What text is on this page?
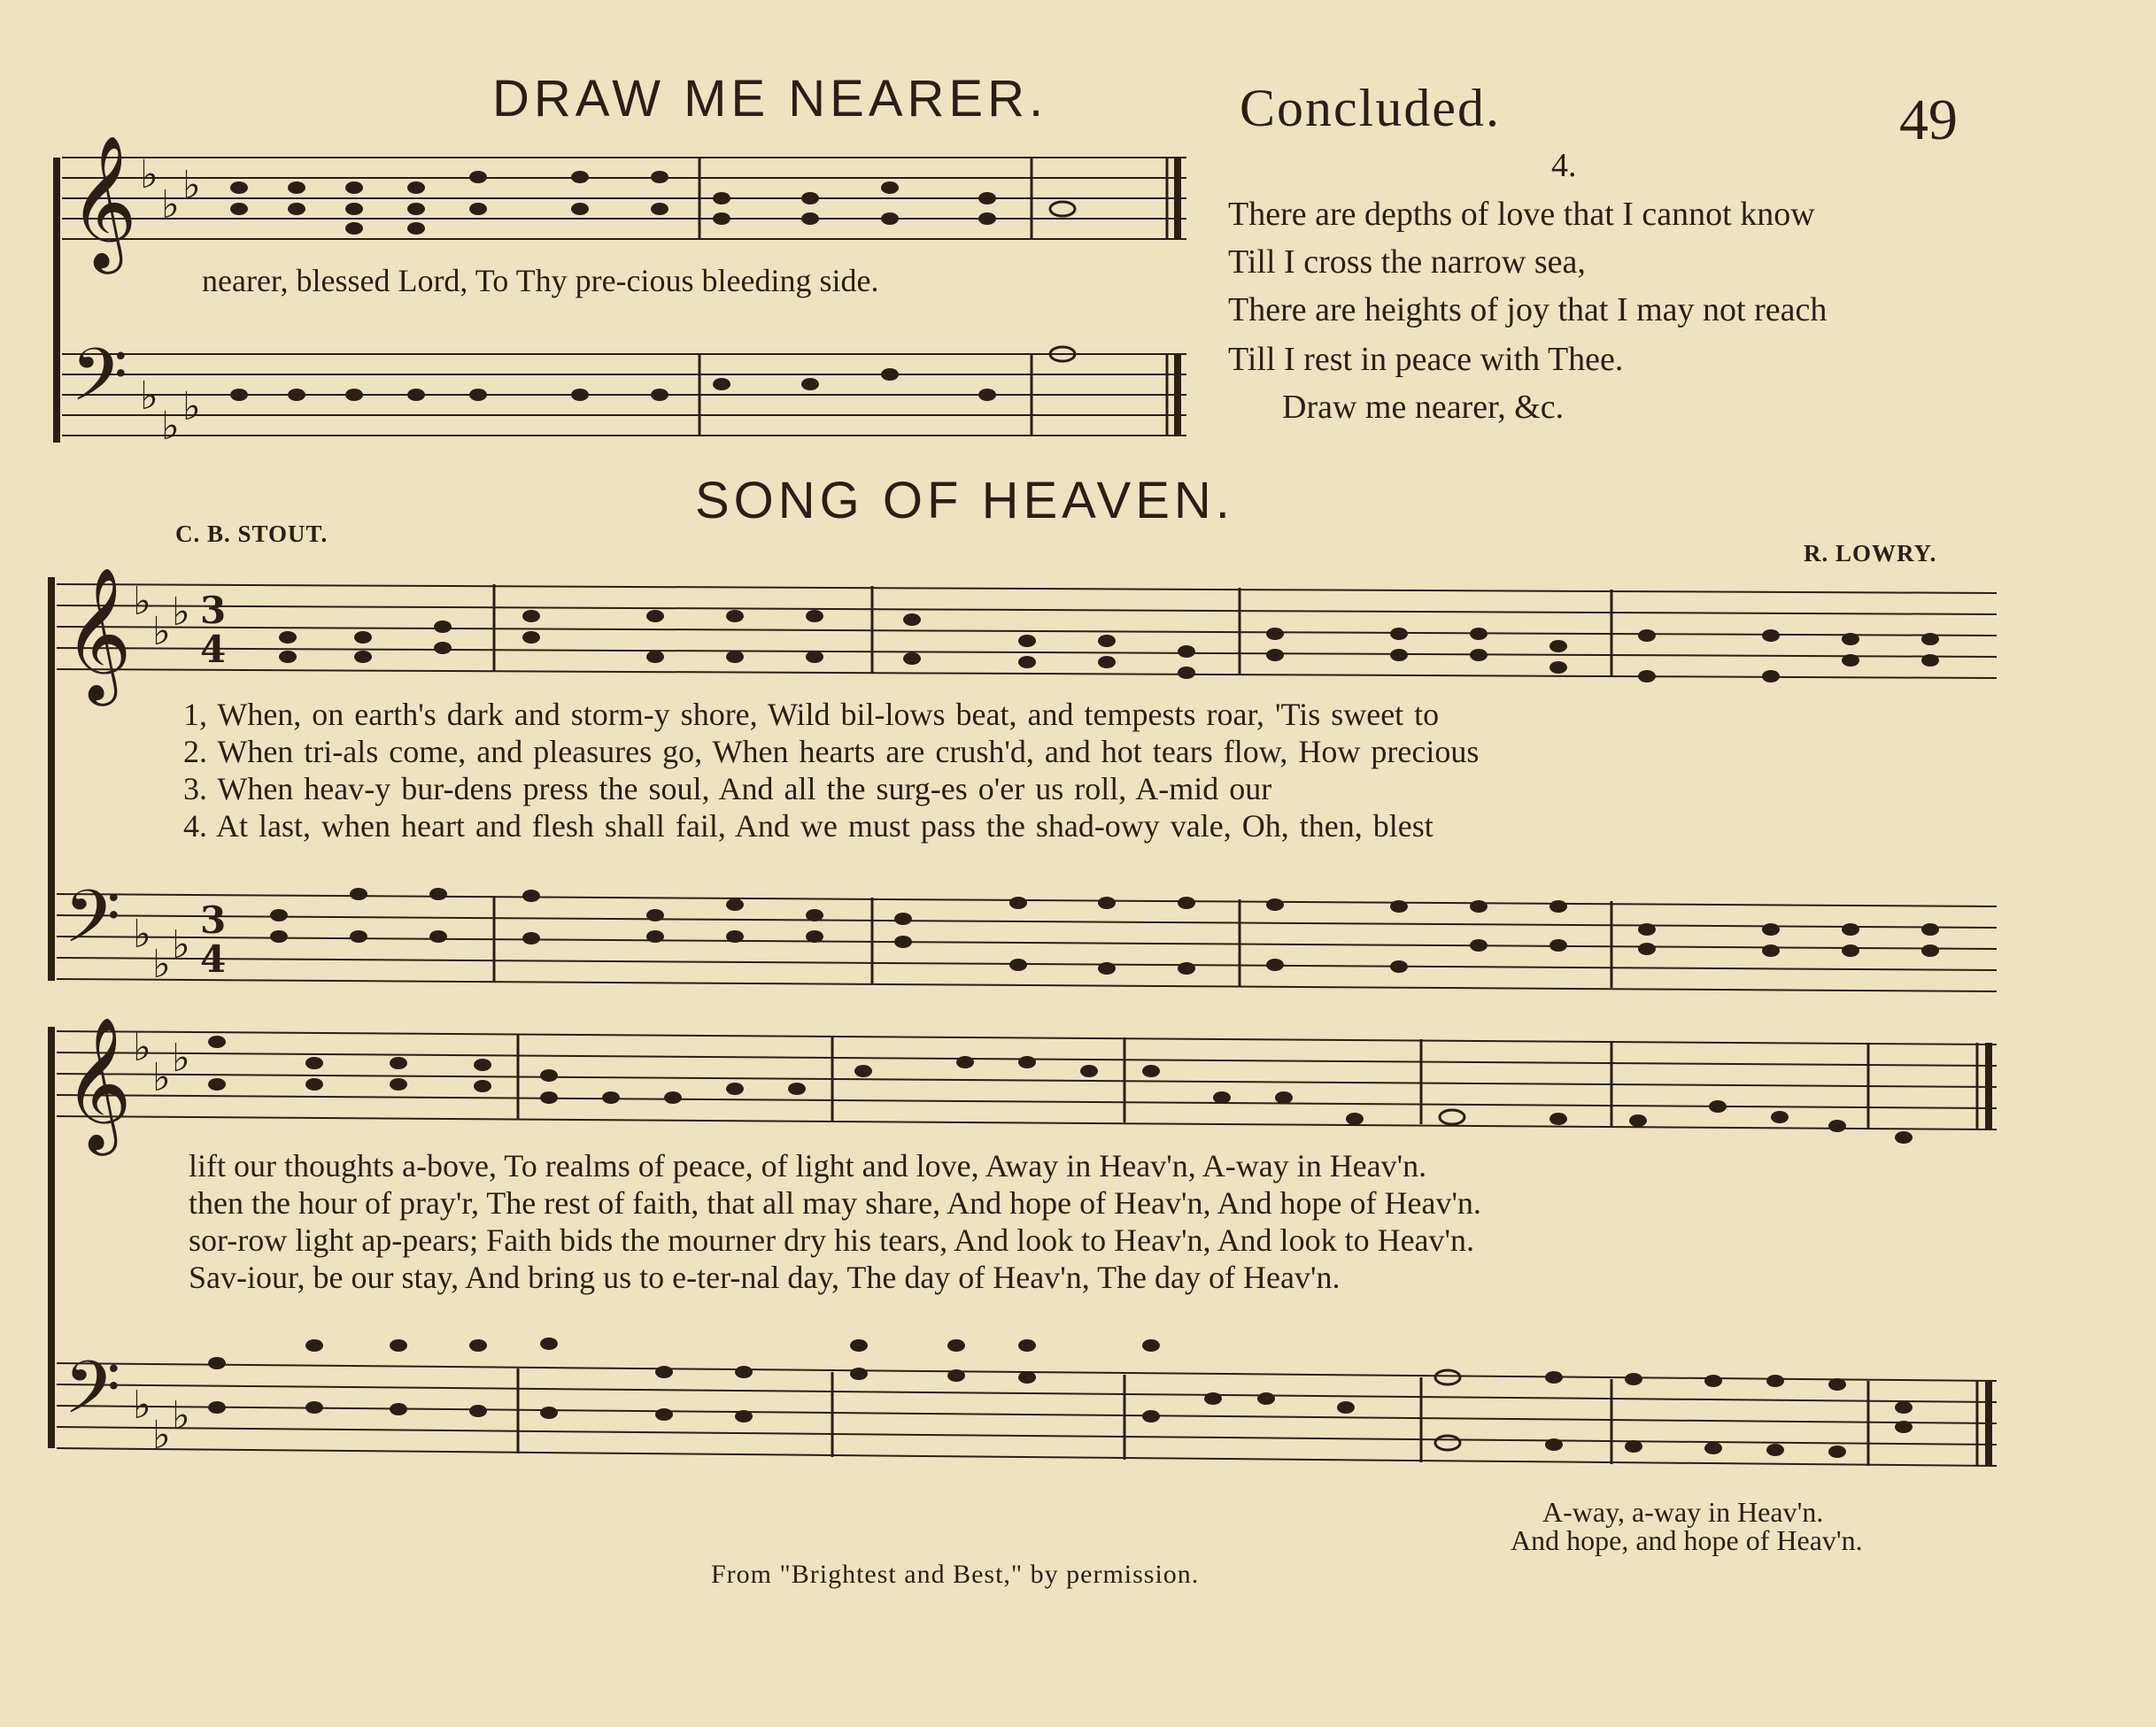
DRAW ME NEARER.	Concluded.	49
𝄞
𝄢
♭
♭ ♭
♭
♭ ♭
nearer, blessed Lord, To Thy pre-cious bleeding side.
4.
There are depths of love that I cannot know
Till I cross the narrow sea,
There are heights of joy that I may not reach
Till I rest in peace with Thee.
Draw me nearer, &c.
SONG OF HEAVEN.
C. B. STOUT.
R. LOWRY.
𝄞
𝄢
𝄞
𝄢
♭
♭ ♭
♭
♭ ♭
♭
♭ ♭
♭
♭ ♭
3
4
3
4
1, When, on earth's dark and storm-y shore, Wild bil-lows beat, and tempests roar, 'Tis sweet to
2. When tri-als come, and pleasures go, When hearts are crush'd, and hot tears flow, How precious
3. When heav-y bur-dens press the soul, And all the surg-es o'er us roll, A-mid our
4. At last, when heart and flesh shall fail, And we must pass the shad-owy vale, Oh, then, blest
lift our thoughts a-bove, To realms of peace, of light and love, Away in Heav'n, A-way in Heav'n.
then the hour of pray'r, The rest of faith, that all may share, And hope of Heav'n, And hope of Heav'n.
sor-row light ap-pears; Faith bids the mourner dry his tears, And look to Heav'n, And look to Heav'n.
Sav-iour, be our stay, And bring us to e-ter-nal day, The day of Heav'n, The day of Heav'n.
A-way, a-way in Heav'n.
And hope, and hope of Heav'n.
From "Brightest and Best," by permission.
